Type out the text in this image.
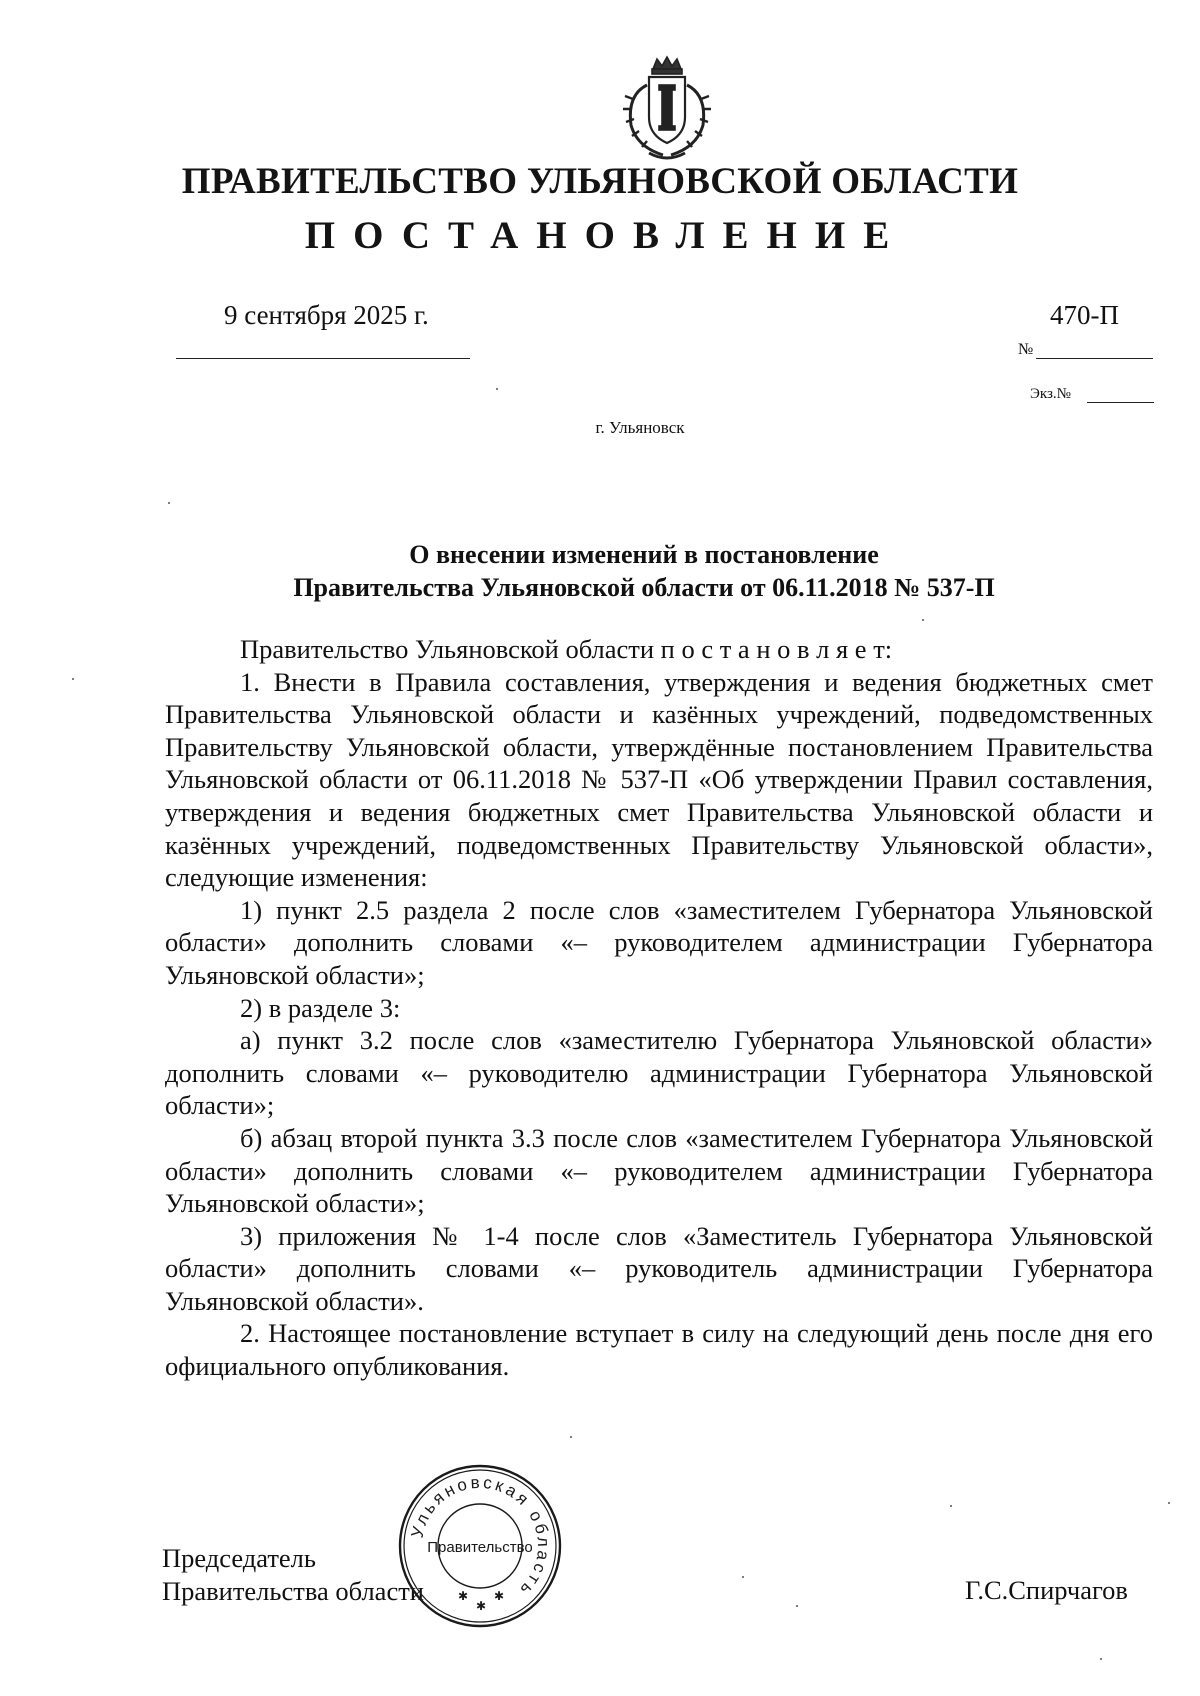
ПРАВИТЕЛЬСТВО УЛЬЯНОВСКОЙ ОБЛАСТИ
ПОСТАНОВЛЕНИЕ
9 сентября 2025 г.	470-П
№
Экз.№
г. Ульяновск
О внесении изменений в постановление
Правительства Ульяновской области от 06.11.2018 № 537-П

Правительство Ульяновской области п о с т а н о в л я е т:

1. Внести в Правила составления, утверждения и ведения бюджетных смет Правительства Ульяновской области и казённых учреждений, подведомственных Правительству Ульяновской области, утверждённые постановлением Правительства Ульяновской области от 06.11.2018 № 537-П «Об утверждении Правил составления, утверждения и ведения бюджетных смет Правительства Ульяновской области и казённых учреждений, подведомственных Правительству Ульяновской области», следующие изменения:

1) пункт 2.5 раздела 2 после слов «заместителем Губернатора Ульяновской области» дополнить словами «– руководителем администрации Губернатора Ульяновской области»;

2) в разделе 3:

а) пункт 3.2 после слов «заместителю Губернатора Ульяновской области» дополнить словами «– руководителю администрации Губернатора Ульяновской области»;

б) абзац второй пункта 3.3 после слов «заместителем Губернатора Ульяновской области» дополнить словами «– руководителем администрации Губернатора Ульяновской области»;

3) приложения № 1-4 после слов «Заместитель Губернатора Ульяновской области» дополнить словами «– руководитель администрации Губернатора Ульяновской области».

2. Настоящее постановление вступает в силу на следующий день после дня его официального опубликования.

Председатель
Правительства области
Ульяновская область
Правительство
✱ ✱
✱
Г.С.Спирчагов
